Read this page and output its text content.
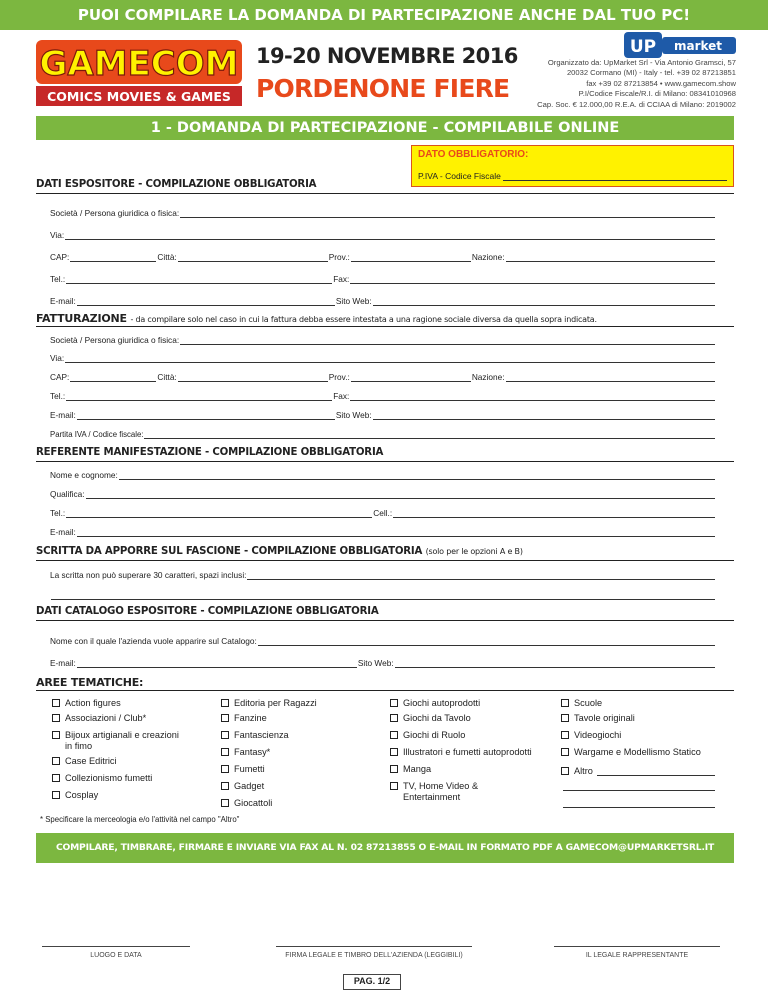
PUOI COMPILARE LA DOMANDA DI PARTECIPAZIONE ANCHE DAL TUO PC!
GAMECOM
COMICS MOVIES & GAMES
19-20 NOVEMBRE 2016
PORDENONE FIERE
UP market
Organizzato da: UpMarket Srl - Via Antonio Gramsci, 57
20032 Cormano (MI) - Italy - tel. +39 02 87213851
fax +39 02 87213854 • www.gamecom.show
P.I/Codice Fiscale/R.I. di Milano: 08341010968
Cap. Soc. € 12.000,00 R.E.A. di CCIAA di Milano: 2019002
1 - DOMANDA DI PARTECIPAZIONE - COMPILABILE ONLINE
DATO OBBLIGATORIO:
P.IVA - Codice Fiscale
DATI ESPOSITORE - COMPILAZIONE OBBLIGATORIA
Società / Persona giuridica o fisica:
Via:
CAP:	Città:	Prov.:	Nazione:
Tel.:	Fax:
E-mail:	Sito Web:
FATTURAZIONE - da compilare solo nel caso in cui la fattura debba essere intestata a una ragione sociale diversa da quella sopra indicata.
Società / Persona giuridica o fisica:
Via:
CAP:	Città:	Prov.:	Nazione:
Tel.:	Fax:
E-mail:	Sito Web:
Partita IVA / Codice fiscale:
REFERENTE MANIFESTAZIONE - COMPILAZIONE OBBLIGATORIA
Nome e cognome:
Qualifica:
Tel.:	Cell.:
E-mail:
SCRITTA DA APPORRE SUL FASCIONE - COMPILAZIONE OBBLIGATORIA (solo per le opzioni A e B)
La scritta non può superare 30 caratteri, spazi inclusi:
DATI CATALOGO ESPOSITORE - COMPILAZIONE OBBLIGATORIA
Nome con il quale l'azienda vuole apparire sul Catalogo:
E-mail:	Sito Web:
AREE TEMATICHE:
Action figures
Associazioni / Club*
Bijoux artigianali e creazioni in fimo
Case Editrici
Collezionismo fumetti
Cosplay
Editoria per Ragazzi
Fanzine
Fantascienza
Fantasy*
Fumetti
Gadget
Giocattoli
Giochi autoprodotti
Giochi da Tavolo
Giochi di Ruolo
Illustratori e fumetti autoprodotti
Manga
TV, Home Video & Entertainment
Scuole
Tavole originali
Videogiochi
Wargame e Modellismo Statico
Altro
* Specificare la merceologia e/o l'attività nel campo "Altro"
COMPILARE, TIMBRARE, FIRMARE E INVIARE VIA FAX AL N. 02 87213855 O E-MAIL IN FORMATO PDF A GAMECOM@UPMARKETSRL.IT
LUOGO E DATA	FIRMA LEGALE E TIMBRO DELL'AZIENDA (LEGGIBILI)	IL LEGALE RAPPRESENTANTE
PAG. 1/2
